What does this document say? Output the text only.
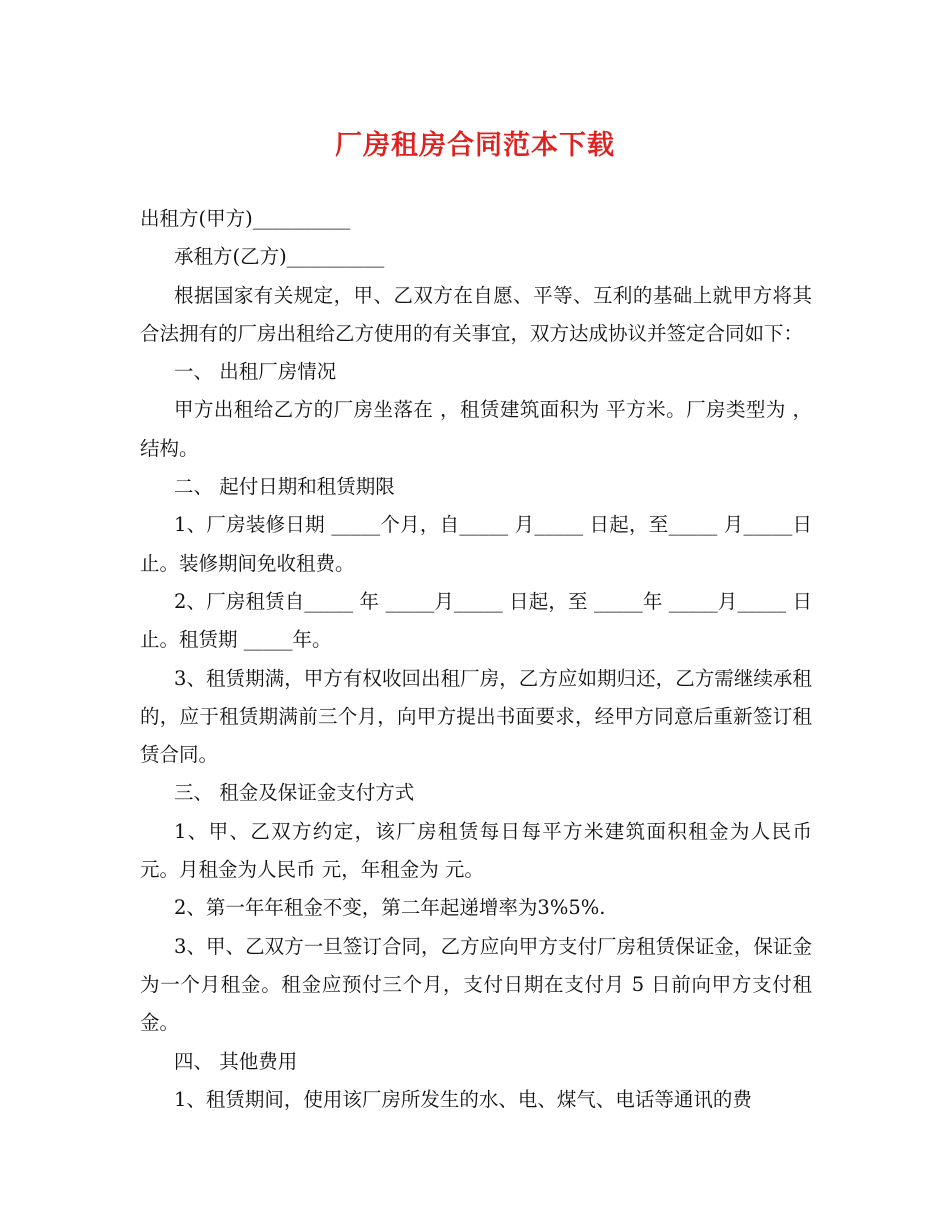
厂房租房合同范本下载

出租方(甲方)__________

承租方(乙方)__________

根据国家有关规定，甲、乙双方在自愿、平等、互利的基础上就甲方将其合法拥有的厂房出租给乙方使用的有关事宜，双方达成协议并签定合同如下：

一、 出租厂房情况

甲方出租给乙方的厂房坐落在 ，租赁建筑面积为 平方米。厂房类型为 ， 结构。

二、 起付日期和租赁期限

1、厂房装修日期 _____个月，自_____ 月_____ 日起，至_____ 月_____日止。装修期间免收租费。

2、厂房租赁自_____ 年 _____月_____ 日起，至 _____年 _____月_____ 日止。租赁期 _____年。

3、租赁期满，甲方有权收回出租厂房，乙方应如期归还，乙方需继续承租的，应于租赁期满前三个月，向甲方提出书面要求，经甲方同意后重新签订租赁合同。

三、 租金及保证金支付方式

1、甲、乙双方约定，该厂房租赁每日每平方米建筑面积租金为人民币 元。月租金为人民币 元，年租金为 元。

2、第一年年租金不变，第二年起递增率为3%5%.

3、甲、乙双方一旦签订合同，乙方应向甲方支付厂房租赁保证金，保证金为一个月租金。租金应预付三个月，支付日期在支付月 5 日前向甲方支付租金。

四、 其他费用

1、租赁期间，使用该厂房所发生的水、电、煤气、电话等通讯的费
